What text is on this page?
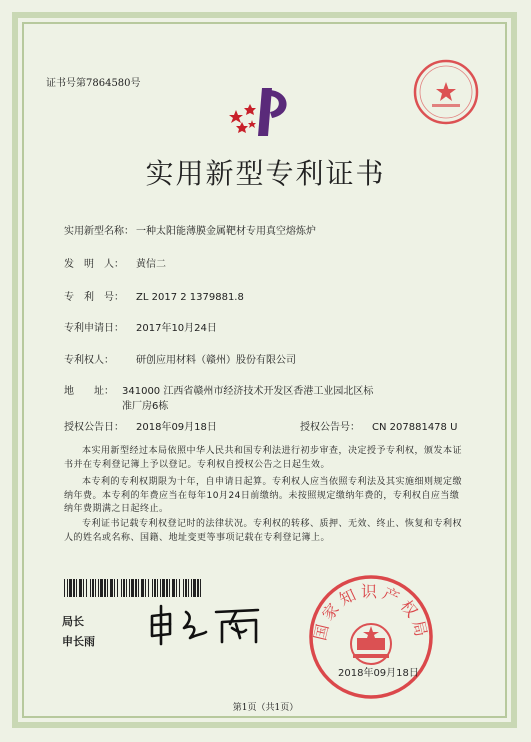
证书号第7864580号
实用新型专利证书
实用新型名称： 一种太阳能薄膜金属靶材专用真空熔炼炉
发　明　人： 黄信二
专　利　号： ZL 2017 2 1379881.8
专利申请日： 2017年10月24日
专利权人： 研创应用材料（赣州）股份有限公司
地　　址： 341000 江西省赣州市经济技术开发区香港工业园北区标
准厂房6栋
授权公告日： 2018年09月18日	授权公告号： CN 207881478 U
本实用新型经过本局依照中华人民共和国专利法进行初步审查，决定授予专利权，颁发本证书并在专利登记簿上予以登记。专利权自授权公告之日起生效。
本专利的专利权期限为十年，自申请日起算。专利权人应当依照专利法及其实施细则规定缴纳年费。本专利的年费应当在每年10月24日前缴纳。未按照规定缴纳年费的，专利权自应当缴纳年费期满之日起终止。
专利证书记载专利权登记时的法律状况。专利权的转移、质押、无效、终止、恢复和专利权人的姓名或名称、国籍、地址变更等事项记载在专利登记簿上。
局长
申长雨	国家知识产权局
2018年09月18日
第1页（共1页）
